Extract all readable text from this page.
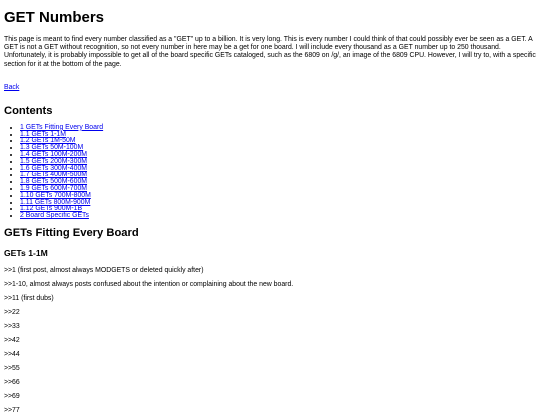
GET Numbers

This page is meant to find every number classified as a "GET" up to a billion. It is very long. This is every number I could think of that could possibly ever be seen as a GET. A GET is not a GET without recognition, so not every number in here may be a get for one board. I will include every thousand as a GET number up to 250 thousand. Unfortunately, it is probably impossible to get all of the board specific GETs cataloged, such as the 6809 on /g/, an image of the 6809 CPU. However, I will try to, with a specific section for it at the bottom of the page.

Back
Contents
• 1 GETs Fitting Every Board
• 1.1 GETs 1-1M
• 1.2 GETs 1M-50M
• 1.3 GETs 50M-100M
• 1.4 GETs 100M-200M
• 1.5 GETs 200M-300M
• 1.6 GETs 300M-400M
• 1.7 GETs 400M-500M
• 1.8 GETs 500M-600M
• 1.9 GETs 600M-700M
• 1.10 GETs 700M-800M
• 1.11 GETs 800M-900M
• 1.12 GETs 900M-1B
• 2 Board Specific GETs
GETs Fitting Every Board
GETs 1-1M

>>1 (first post, almost always MODGETS or deleted quickly after)

>>1-10, almost always posts confused about the intention or complaining about the new board.

>>11 (first dubs)

>>22

>>33

>>42

>>44

>>55

>>66

>>69

>>77
